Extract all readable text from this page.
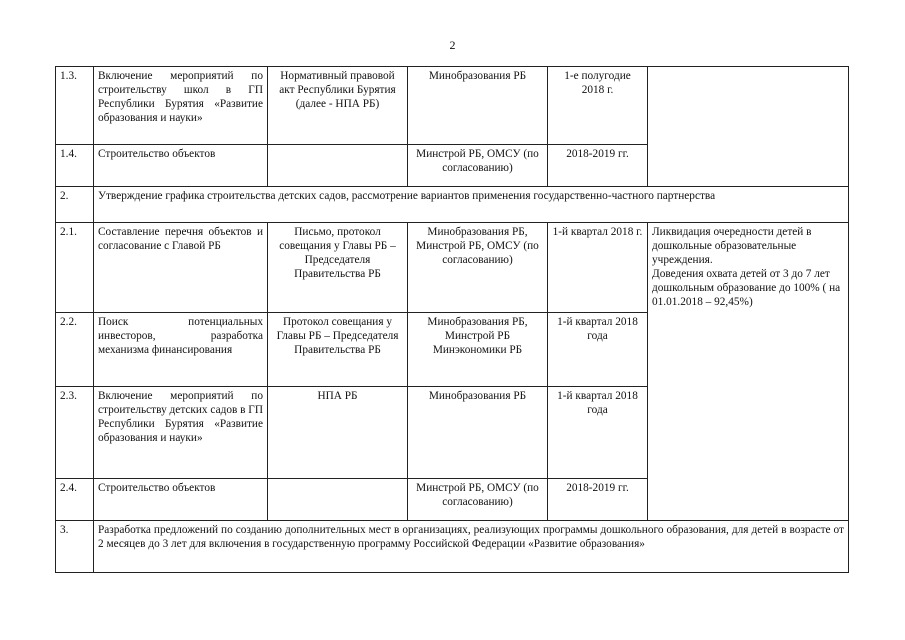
2
1.3.	Включение мероприятий по строительству школ в ГП Республики Бурятия «Развитие образования и науки»	Нормативный правовой акт Республики Бурятия (далее - НПА РБ)	Минобразования РБ	1-е полугодие 2018 г.	
1.4.	Строительство объектов		Минстрой РБ, ОМСУ (по согласованию)	2018-2019 гг.	
2.	Утверждение графика строительства детских садов, рассмотрение вариантов применения государственно-частного партнерства				
2.1.	Составление перечня объектов и согласование с Главой РБ	Письмо, протокол совещания у Главы РБ – Председателя Правительства РБ	Минобразования РБ, Минстрой РБ, ОМСУ (по согласованию)	1-й квартал 2018 г.	Ликвидация очередности детей в дошкольные образовательные учреждения.
Доведения охвата детей от 3 до 7 лет дошкольным образование до 100% ( на 01.01.2018 – 92,45%)

2.2.	Поиск потенциальных инвесторов, разработка механизма финансирования	Протокол совещания у Главы РБ – Председателя Правительства РБ	Минобразования РБ, Минстрой РБ Минэкономики РБ	1-й квартал 2018 года	
2.3.	Включение мероприятий по строительству детских садов в ГП Республики Бурятия «Развитие образования и науки»	НПА РБ	Минобразования РБ	1-й квартал 2018 года	
2.4.	Строительство объектов		Минстрой РБ, ОМСУ (по согласованию)	2018-2019 гг.	
3.	Разработка предложений по созданию дополнительных мест в организациях, реализующих программы дошкольного образования, для детей в возрасте от 2 месяцев до 3 лет для включения в государственную программу Российской Федерации «Развитие образования»				
